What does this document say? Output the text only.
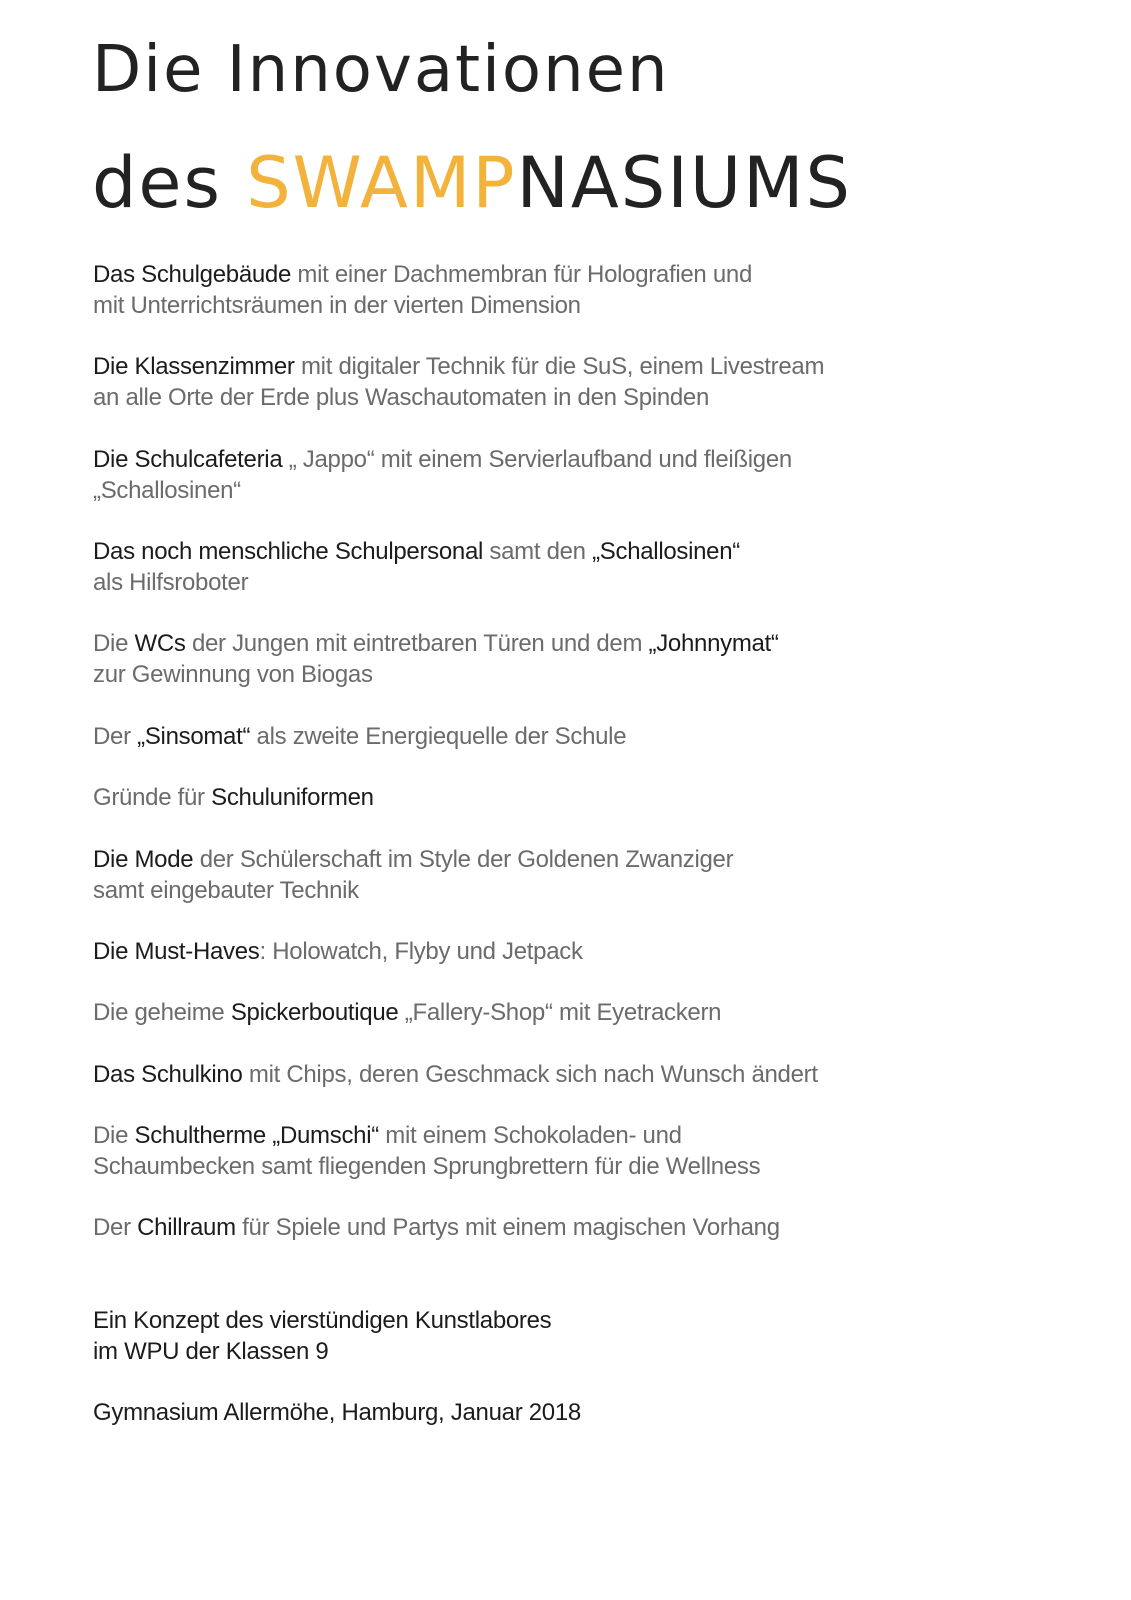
Die Innovationen
des SWAMPNASIUMS
Das Schulgebäude mit einer Dachmembran für Holografien und
mit Unterrichtsräumen in der vierten Dimension
Die Klassenzimmer mit digitaler Technik für die SuS, einem Livestream
an alle Orte der Erde plus Waschautomaten in den Spinden
Die Schulcafeteria „ Jappo“ mit einem Servierlaufband und fleißigen
„Schallosinen“
Das noch menschliche Schulpersonal samt den „Schallosinen“
als Hilfsroboter
Die WCs der Jungen mit eintretbaren Türen und dem „Johnnymat“
zur Gewinnung von Biogas
Der „Sinsomat“ als zweite Energiequelle der Schule
Gründe für Schuluniformen
Die Mode der Schülerschaft im Style der Goldenen Zwanziger
samt eingebauter Technik
Die Must-Haves: Holowatch, Flyby und Jetpack
Die geheime Spickerboutique „Fallery-Shop“ mit Eyetrackern
Das Schulkino mit Chips, deren Geschmack sich nach Wunsch ändert
Die Schultherme „Dumschi“ mit einem Schokoladen- und
Schaumbecken samt fliegenden Sprungbrettern für die Wellness
Der Chillraum für Spiele und Partys mit einem magischen Vorhang
Ein Konzept des vierstündigen Kunstlabores
im WPU der Klassen 9
Gymnasium Allermöhe, Hamburg, Januar 2018
